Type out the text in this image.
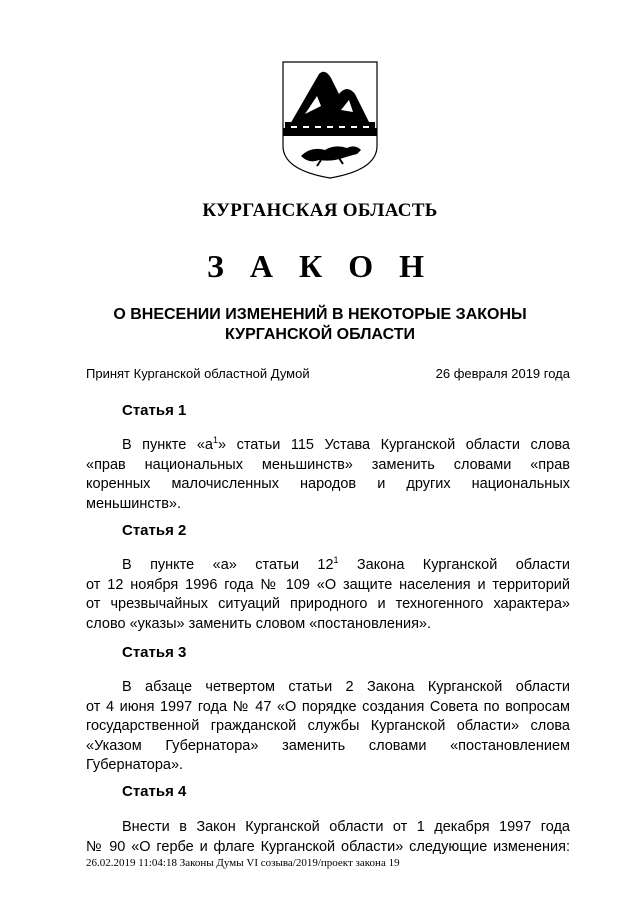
КУРГАНСКАЯ ОБЛАСТЬ
З А К О Н
О ВНЕСЕНИИ ИЗМЕНЕНИЙ В НЕКОТОРЫЕ ЗАКОНЫ
КУРГАНСКОЙ ОБЛАСТИ
Принят Курганской областной Думой	26 февраля 2019 года
Статья 1
В пункте «$а^1$» статьи 115 Устава Курганской области слова
«прав национальных меньшинств» заменить словами «прав
коренных малочисленных народов и других национальных
меньшинств».
Статья 2
В пункте «а» статьи $12^1$ Закона Курганской области
от 12 ноября 1996 года № 109 «О защите населения и территорий
от чрезвычайных ситуаций природного и техногенного характера»
слово «указы» заменить словом «постановления».
Статья 3
В абзаце четвертом статьи 2 Закона Курганской области
от 4 июня 1997 года № 47 «О порядке создания Совета по вопросам
государственной гражданской службы Курганской области» слова
«Указом Губернатора» заменить словами «постановлением
Губернатора».
Статья 4
Внести в Закон Курганской области от 1 декабря 1997 года
№ 90 «О гербе и флаге Курганской области» следующие изменения:
26.02.2019 11:04:18 Законы Думы VI созыва/2019/проект закона 19
